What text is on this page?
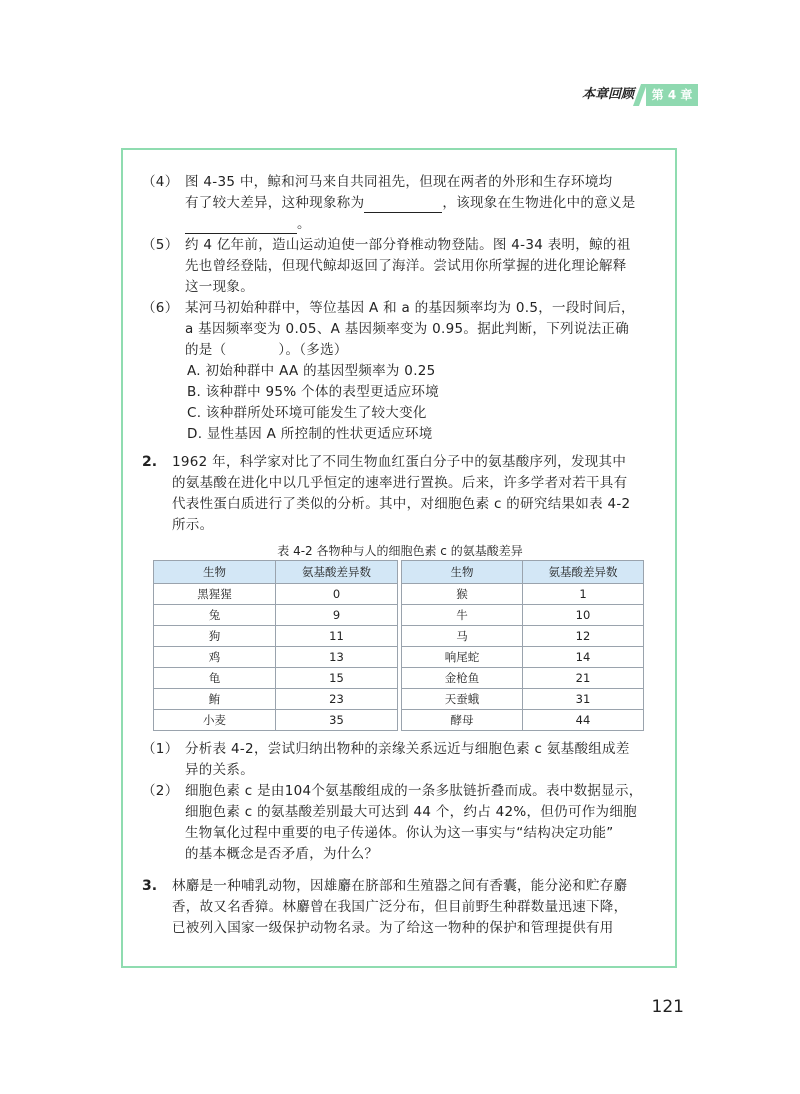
本章回顾	第 4 章
（4） 图 4-35 中，鲸和河马来自共同祖先，但现在两者的外形和生存环境均
有了较大差异，这种现象称为	，该现象在生物进化中的意义是
。
（5） 约 4 亿年前，造山运动迫使一部分脊椎动物登陆。图 4-34 表明，鲸的祖
先也曾经登陆，但现代鲸却返回了海洋。尝试用你所掌握的进化理论解释
这一现象。
（6） 某河马初始种群中，等位基因 A 和 a 的基因频率均为 0.5，一段时间后，
a 基因频率变为 0.05、A 基因频率变为 0.95。据此判断，下列说法正确
的是（	）。（多选）
A. 初始种群中 AA 的基因型频率为 0.25
B. 该种群中 95% 个体的表型更适应环境
C. 该种群所处环境可能发生了较大变化
D. 显性基因 A 所控制的性状更适应环境
2. 1962 年，科学家对比了不同生物血红蛋白分子中的氨基酸序列，发现其中
的氨基酸在进化中以几乎恒定的速率进行置换。后来，许多学者对若干具有
代表性蛋白质进行了类似的分析。其中，对细胞色素 c 的研究结果如表 4-2
所示。
表 4-2 各物种与人的细胞色素 c 的氨基酸差异
生物	氨基酸差异数
黑猩猩	0
兔	9
狗	11
鸡	13
龟	15
鲔	23
小麦	35
生物	氨基酸差异数
猴	1
牛	10
马	12
响尾蛇	14
金枪鱼	21
天蚕蛾	31
酵母	44
（1） 分析表 4-2，尝试归纳出物种的亲缘关系远近与细胞色素 c 氨基酸组成差
异的关系。
（2） 细胞色素 c 是由104个氨基酸组成的一条多肽链折叠而成。表中数据显示，
细胞色素 c 的氨基酸差别最大可达到 44 个，约占 42%，但仍可作为细胞
生物氧化过程中重要的电子传递体。你认为这一事实与“结构决定功能”
的基本概念是否矛盾，为什么？
3. 林麝是一种哺乳动物，因雄麝在脐部和生殖器之间有香囊，能分泌和贮存麝
香，故又名香獐。林麝曾在我国广泛分布，但目前野生种群数量迅速下降，
已被列入国家一级保护动物名录。为了给这一物种的保护和管理提供有用
121
